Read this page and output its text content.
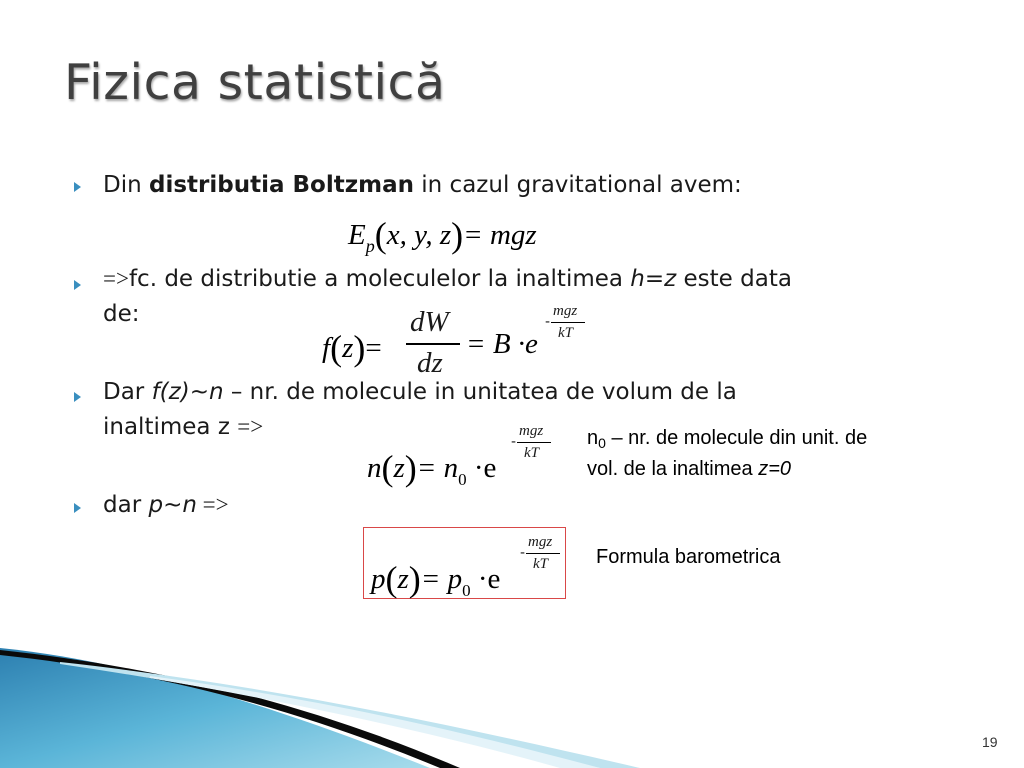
Fizica statistică
Din distributia Boltzman in cazul gravitational avem:
$E_p(x$, y, z)= mgz
=>fc. de distributie a moleculelor la inaltimea h=z este data
de:
f(z)=
dW
dz
= B ·e
-
mgz
kT
Dar f(z)~n – nr. de molecule in unitatea de volum de la
inaltimea z =>
$n(z)= n_0 \cdot e$
-
mgz
kT
$n_0$ – nr. de molecule din unit. de
vol. de la inaltimea z=0
dar p~n =>
$p(z)= p_0 \cdot e$
-
mgz
kT Formula barometrica
19
